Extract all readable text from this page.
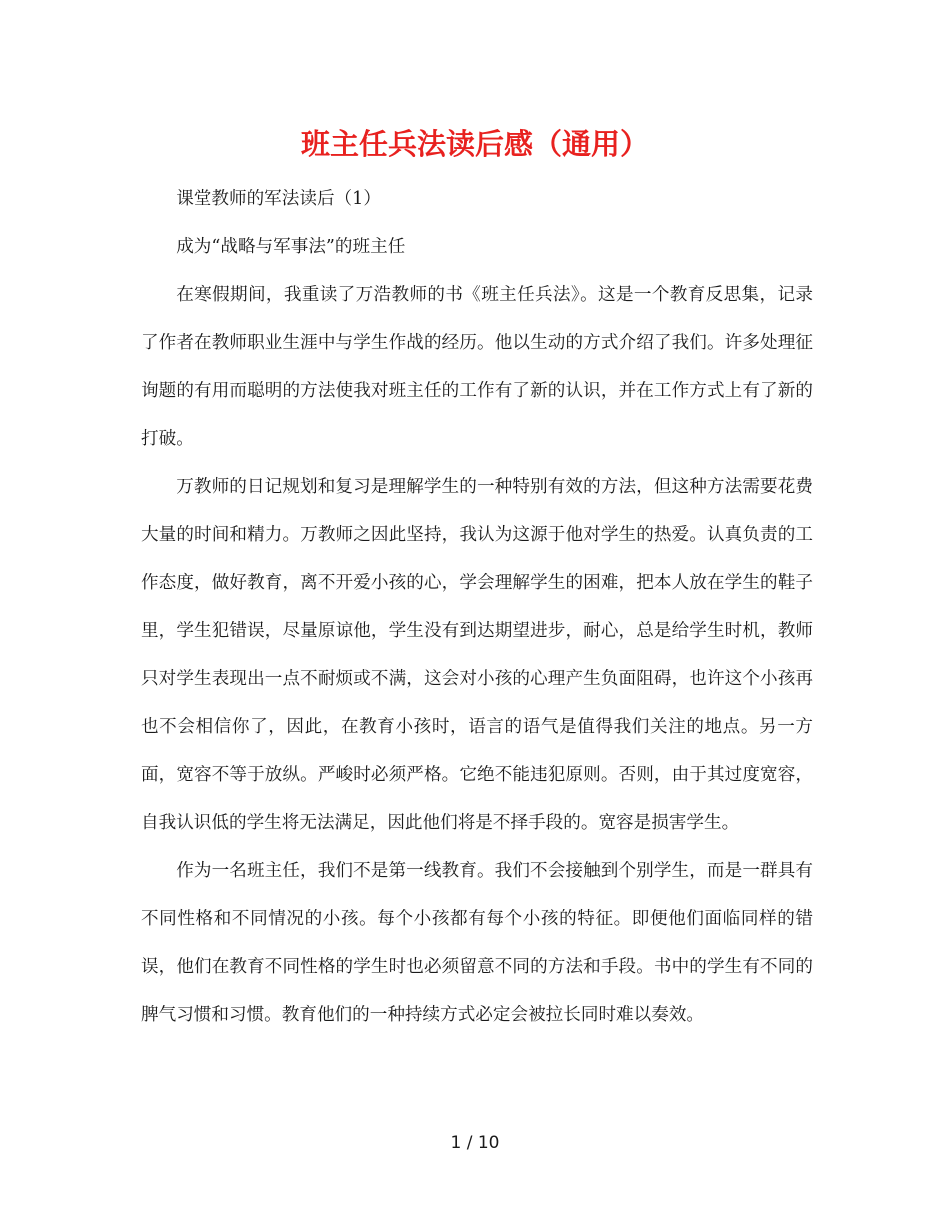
班主任兵法读后感（通用）

课堂教师的军法读后（1）

成为“战略与军事法”的班主任

在寒假期间，我重读了万浩教师的书《班主任兵法》。这是一个教育反思集，记录了作者在教师职业生涯中与学生作战的经历。他以生动的方式介绍了我们。许多处理征询题的有用而聪明的方法使我对班主任的工作有了新的认识，并在工作方式上有了新的打破。

万教师的日记规划和复习是理解学生的一种特别有效的方法，但这种方法需要花费大量的时间和精力。万教师之因此坚持，我认为这源于他对学生的热爱。认真负责的工作态度，做好教育，离不开爱小孩的心，学会理解学生的困难，把本人放在学生的鞋子里，学生犯错误，尽量原谅他，学生没有到达期望进步，耐心，总是给学生时机，教师只对学生表现出一点不耐烦或不满，这会对小孩的心理产生负面阻碍，也许这个小孩再也不会相信你了，因此，在教育小孩时，语言的语气是值得我们关注的地点。另一方面，宽容不等于放纵。严峻时必须严格。它绝不能违犯原则。否则，由于其过度宽容，自我认识低的学生将无法满足，因此他们将是不择手段的。宽容是损害学生。

作为一名班主任，我们不是第一线教育。我们不会接触到个别学生，而是一群具有不同性格和不同情况的小孩。每个小孩都有每个小孩的特征。即便他们面临同样的错误，他们在教育不同性格的学生时也必须留意不同的方法和手段。书中的学生有不同的脾气习惯和习惯。教育他们的一种持续方式必定会被拉长同时难以奏效。

1 / 10
